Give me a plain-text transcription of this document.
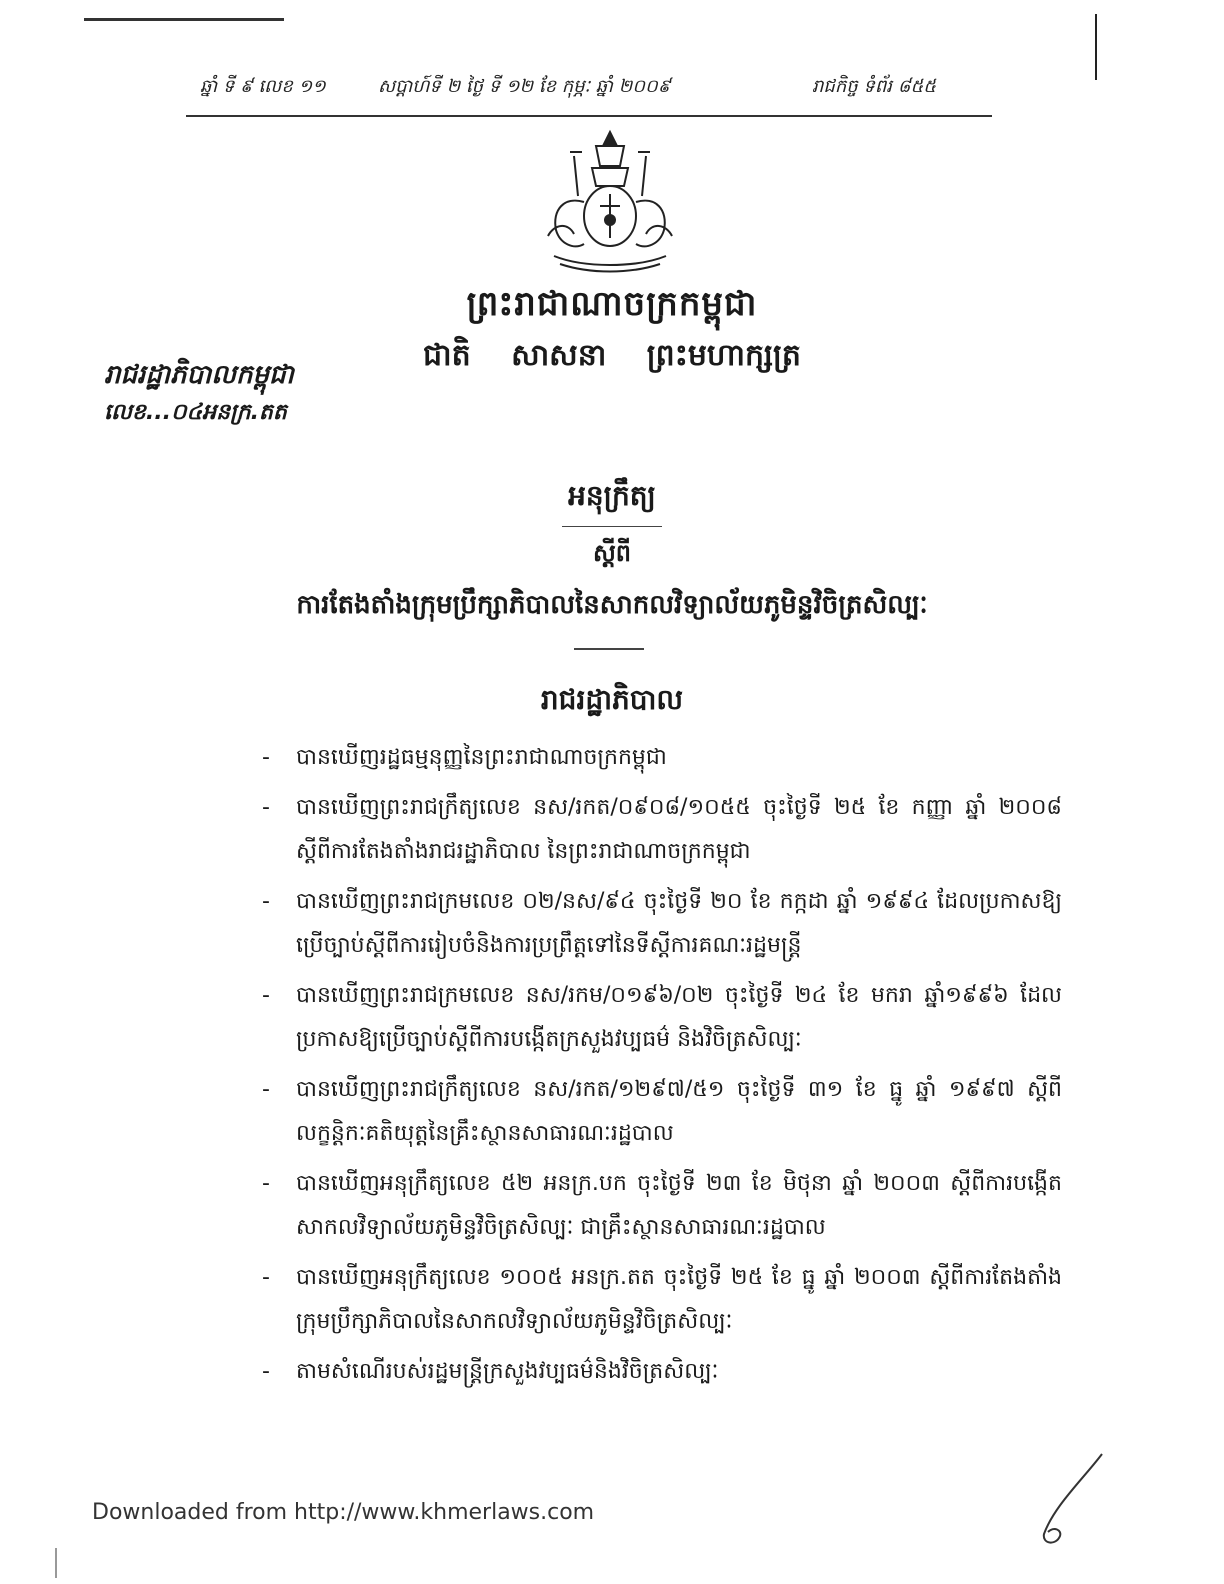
ឆ្នាំ ទី ៩ លេខ ១១	សប្តាហ៍ទី ២ ថ្ងៃ ទី ១២ ខែ កុម្ភៈ ឆ្នាំ ២០០៩	រាជកិច្ច ទំព័រ ៨៥៥
ព្រះរាជាណាចក្រកម្ពុជា
ជាតិ សាសនា ព្រះមហាក្សត្រ
រាជរដ្ឋាភិបាលកម្ពុជា
លេខ...០៤អនក្រ.តត
អនុក្រឹត្យ
ស្តីពី
ការតែងតាំងក្រុមប្រឹក្សាភិបាលនៃសាកលវិទ្យាល័យភូមិន្ទវិចិត្រសិល្បៈ
រាជរដ្ឋាភិបាល
- បានឃើញរដ្ឋធម្មនុញ្ញនៃព្រះរាជាណាចក្រកម្ពុជា
- បានឃើញព្រះរាជក្រឹត្យលេខ នស/រកត/០៩០៨/១០៥៥ ចុះថ្ងៃទី ២៥ ខែ កញ្ញា ឆ្នាំ ២០០៨ ស្តីពីការតែងតាំងរាជរដ្ឋាភិបាល នៃព្រះរាជាណាចក្រកម្ពុជា
- បានឃើញព្រះរាជក្រមលេខ ០២/នស/៩៤ ចុះថ្ងៃទី ២០ ខែ កក្កដា ឆ្នាំ ១៩៩៤ ដែលប្រកាសឱ្យប្រើច្បាប់ស្តីពីការរៀបចំនិងការប្រព្រឹត្តទៅនៃទីស្តីការគណៈរដ្ឋមន្ត្រី
- បានឃើញព្រះរាជក្រមលេខ នស/រកម/០១៩៦/០២ ចុះថ្ងៃទី ២៤ ខែ មករា ឆ្នាំ១៩៩៦ ដែលប្រកាសឱ្យប្រើច្បាប់ស្តីពីការបង្កើតក្រសួងវប្បធម៌ និងវិចិត្រសិល្បៈ
- បានឃើញព្រះរាជក្រឹត្យលេខ នស/រកត/១២៩៧/៥១ ចុះថ្ងៃទី ៣១ ខែ ធ្នូ ឆ្នាំ ១៩៩៧ ស្តីពីលក្ខន្តិកៈគតិយុត្តនៃគ្រឹះស្ថានសាធារណៈរដ្ឋបាល
- បានឃើញអនុក្រឹត្យលេខ ៥២ អនក្រ.បក ចុះថ្ងៃទី ២៣ ខែ មិថុនា ឆ្នាំ ២០០៣ ស្តីពីការបង្កើតសាកលវិទ្យាល័យភូមិន្ទវិចិត្រសិល្បៈ ជាគ្រឹះស្ថានសាធារណៈរដ្ឋបាល
- បានឃើញអនុក្រឹត្យលេខ ១០០៥ អនក្រ.តត ចុះថ្ងៃទី ២៥ ខែ ធ្នូ ឆ្នាំ ២០០៣ ស្តីពីការតែងតាំងក្រុមប្រឹក្សាភិបាលនៃសាកលវិទ្យាល័យភូមិន្ទវិចិត្រសិល្បៈ
- តាមសំណើរបស់រដ្ឋមន្ត្រីក្រសួងវប្បធម៌និងវិចិត្រសិល្បៈ
Downloaded from http://www.khmerlaws.com
